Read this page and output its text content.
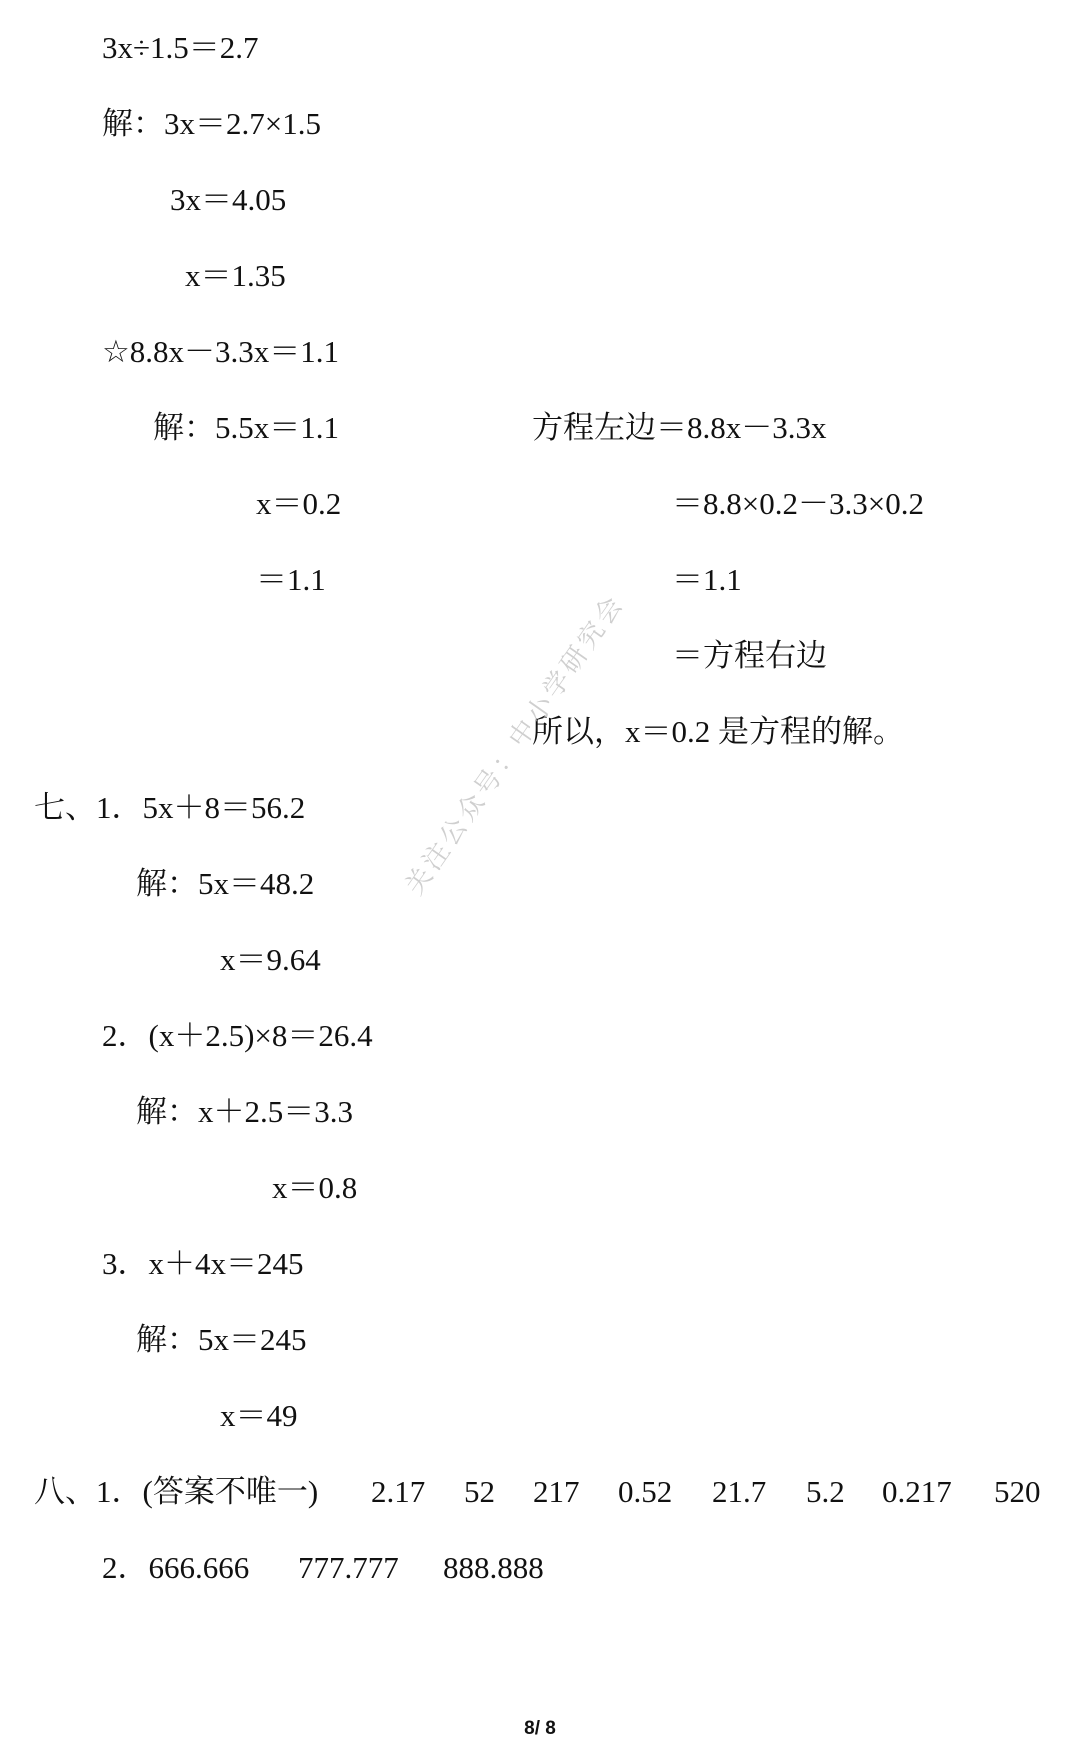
3x÷1.5＝2.7
解：3x＝2.7×1.5
3x＝4.05
x＝1.35
☆8.8x－3.3x＝1.1
解：5.5x＝1.1
x＝0.2
＝1.1
方程左边＝8.8x－3.3x
＝8.8×0.2－3.3×0.2
＝1.1
＝方程右边
所以，x＝0.2 是方程的解。
七、1．5x＋8＝56.2
解：5x＝48.2
x＝9.64
2．(x＋2.5)×8＝26.4
解：x＋2.5＝3.3
x＝0.8
3．x＋4x＝245
解：5x＝245
x＝49
八、1．(答案不唯一) 2.17 52 217 0.52 21.7 5.2 0.217 520
2．666.666 777.777 888.888
关注公众号：中小学研究会
8/ 8
